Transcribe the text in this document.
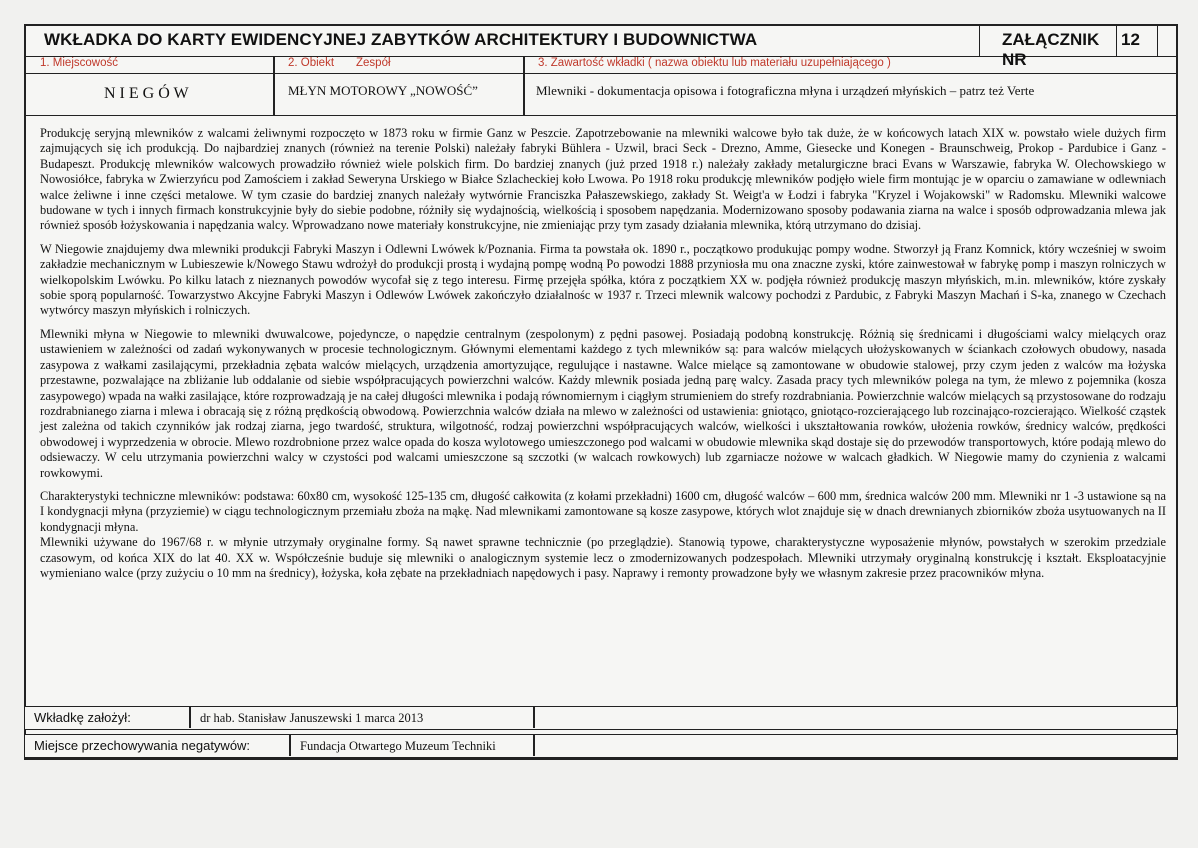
WKŁADKA DO KARTY EWIDENCYJNEJ ZABYTKÓW ARCHITEKTURY I BUDOWNICTWA	ZAŁĄCZNIK NR
12
1. Miejscowość	2. Obiekt Zespół	3. Zawartość wkładki ( nazwa obiektu lub materiału uzupełniającego )
N I E G Ó W	MŁYN MOTOROWY „NOWOŚĆ”	Mlewniki - dokumentacja opisowa i fotograficzna młyna i urządzeń młyńskich – patrz też Verte

Produkcję seryjną mlewników z walcami żeliwnymi rozpoczęto w 1873 roku w firmie Ganz w Peszcie. Zapotrzebowanie na mlewniki walcowe było tak duże, że w końcowych latach XIX w. powstało wiele dużych firm zajmujących się ich produkcją. Do najbardziej znanych (również na terenie Polski) należały fabryki Bühlera - Uzwil, braci Seck - Drezno, Amme, Giesecke und Konegen - Braunschweig, Prokop - Pardubice i Ganz - Budapeszt. Produkcję mlewników walcowych prowadziło również wiele polskich firm. Do bardziej znanych (już przed 1918 r.) należały zakłady metalurgiczne braci Evans w Warszawie, fabryka W. Olechowskiego w Nowosiółce, fabryka w Zwierzyńcu pod Zamościem i zakład Seweryna Urskiego w Białce Szlacheckiej koło Lwowa. Po 1918 roku produkcję mlewników podjęło wiele firm montując je w oparciu o zamawiane w odlewniach walce żeliwne i inne części metalowe. W tym czasie do bardziej znanych należały wytwórnie Franciszka Pałaszewskiego, zakłady St. Weigt'a w Łodzi i fabryka "Kryzel i Wojakowski" w Radomsku. Mlewniki walcowe budowane w tych i innych firmach konstrukcyjnie były do siebie podobne, różniły się wydajnością, wielkością i sposobem napędzania. Modernizowano sposoby podawania ziarna na walce i sposób odprowadzania mlewa jak również sposób łożyskowania i napędzania walcy. Wprowadzano nowe materiały konstrukcyjne, nie zmieniając przy tym zasady działania mlewnika, którą utrzymano do dzisiaj.

W Niegowie znajdujemy dwa mlewniki produkcji Fabryki Maszyn i Odlewni Lwówek k/Poznania. Firma ta powstała ok. 1890 r., początkowo produkując pompy wodne. Stworzył ją Franz Komnick, który wcześniej w swoim zakładzie mechanicznym w Lubieszewie k/Nowego Stawu wdrożył do produkcji prostą i wydajną pompę wodną Po powodzi 1888 przyniosła mu ona znaczne zyski, które zainwestował w fabrykę pomp i maszyn rolniczych w wielkopolskim Lwówku. Po kilku latach z nieznanych powodów wycofał się z tego interesu. Firmę przejęła spółka, która z początkiem XX w. podjęła również produkcję maszyn młyńskich, m.in. mlewników, które zyskały sobie sporą popularność. Towarzystwo Akcyjne Fabryki Maszyn i Odlewów Lwówek zakończyło działalnośc w 1937 r. Trzeci mlewnik walcowy pochodzi z Pardubic, z Fabryki Maszyn Machań i S-ka, znanego w Czechach wytwórcy maszyn młyńskich i rolniczych.

Mlewniki młyna w Niegowie to mlewniki dwuwalcowe, pojedyncze, o napędzie centralnym (zespolonym) z pędni pasowej. Posiadają podobną konstrukcję. Różnią się średnicami i długościami walcy mielących oraz ustawieniem w zależności od zadań wykonywanych w procesie technologicznym. Głównymi elementami każdego z tych mlewników są: para walców mielących ułożyskowanych w ściankach czołowych obudowy, nasada zasypowa z wałkami zasilającymi, przekładnia zębata walców mielących, urządzenia amortyzujące, regulujące i nastawne. Walce mielące są zamontowane w obudowie stalowej, przy czym jeden z walców ma łożyska przestawne, pozwalające na zbliżanie lub oddalanie od siebie współpracujących powierzchni walców. Każdy mlewnik posiada jedną parę walcy. Zasada pracy tych mlewników polega na tym, że mlewo z pojemnika (kosza zasypowego) wpada na wałki zasilające, które rozprowadzają je na całej długości mlewnika i podają równomiernym i ciągłym strumieniem do strefy rozdrabniania. Powierzchnie walców mielących są przystosowane do rodzaju rozdrabnianego ziarna i mlewa i obracają się z różną prędkością obwodową. Powierzchnia walców działa na mlewo w zależności od ustawienia: gniotąco, gniotąco-rozcierającego lub rozcinająco-rozcierająco. Wielkość cząstek jest zależna od takich czynników jak rodzaj ziarna, jego twardość, struktura, wilgotność, rodzaj powierzchni współpracujących walców, wielkości i ukształtowania rowków, ułożenia rowków, średnicy walców, prędkości obwodowej i wyprzedzenia w obrocie. Mlewo rozdrobnione przez walce opada do kosza wylotowego umieszczonego pod walcami w obudowie mlewnika skąd dostaje się do przewodów transportowych, które podają mlewo do odsiewaczy. W celu utrzymania powierzchni walcy w czystości pod walcami umieszczone są szczotki (w walcach rowkowych) lub zgarniacze nożowe w walcach gładkich. W Niegowie mamy do czynienia z walcami rowkowymi.

Charakterystyki techniczne mlewników: podstawa: 60x80 cm, wysokość 125-135 cm, długość całkowita (z kołami przekładni) 1600 cm, długość walców – 600 mm, średnica walców 200 mm. Mlewniki nr 1 -3 ustawione są na I kondygnacji młyna (przyziemie) w ciągu technologicznym przemiału zboża na mąkę. Nad mlewnikami zamontowane są kosze zasypowe, których wlot znajduje się w dnach drewnianych zbiorników zboża usytuowanych na II kondygnacji młyna.

Mlewniki używane do 1967/68 r. w młynie utrzymały oryginalne formy. Są nawet sprawne technicznie (po przeglądzie). Stanowią typowe, charakterystyczne wyposażenie młynów, powstałych w szerokim przedziale czasowym, od końca XIX do lat 40. XX w. Współcześnie buduje się mlewniki o analogicznym systemie lecz o zmodernizowanych podzespołach. Mlewniki utrzymały oryginalną konstrukcję i kształt. Eksploatacyjnie wymieniano walce (przy zużyciu o 10 mm na średnicy), łożyska, koła zębate na przekładniach napędowych i pasy. Naprawy i remonty prowadzone były we własnym zakresie przez pracowników młyna.

Wkładkę założył:	dr hab. Stanisław Januszewski 1 marca 2013
Miejsce przechowywania negatywów:	Fundacja Otwartego Muzeum Techniki
